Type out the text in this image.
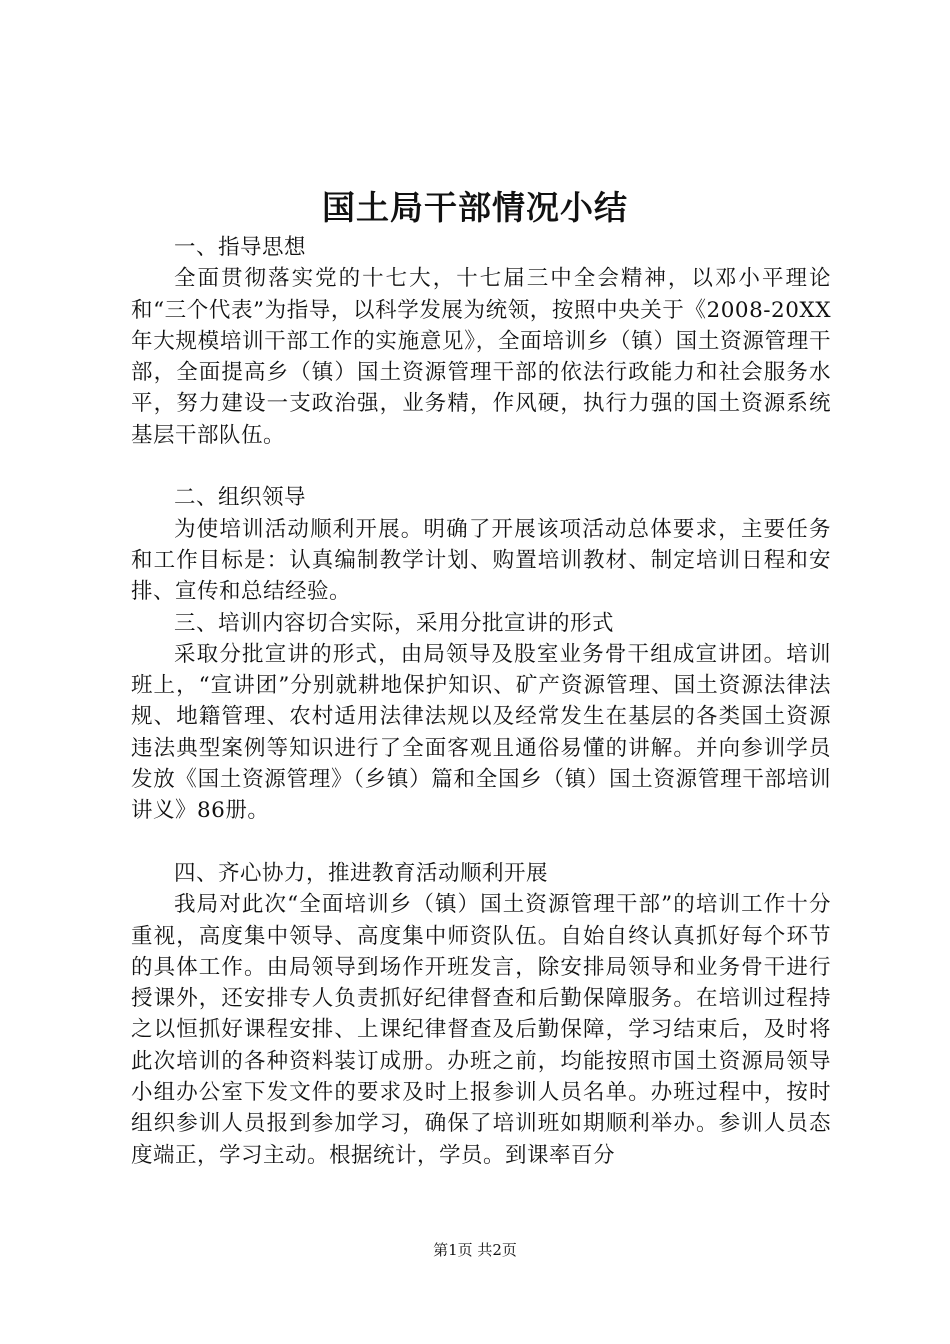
国土局干部情况小结

一、指导思想

全面贯彻落实党的十七大，十七届三中全会精神，以邓小平理论和“三个代表”为指导，以科学发展为统领，按照中央关于《2008-20XX年大规模培训干部工作的实施意见》，全面培训乡（镇）国土资源管理干部，全面提高乡（镇）国土资源管理干部的依法行政能力和社会服务水平，努力建设一支政治强，业务精，作风硬，执行力强的国土资源系统基层干部队伍。

二、组织领导

为使培训活动顺利开展。明确了开展该项活动总体要求，主要任务和工作目标是：认真编制教学计划、购置培训教材、制定培训日程和安排、宣传和总结经验。

三、培训内容切合实际，采用分批宣讲的形式

采取分批宣讲的形式，由局领导及股室业务骨干组成宣讲团。培训班上，“宣讲团”分别就耕地保护知识、矿产资源管理、国土资源法律法规、地籍管理、农村适用法律法规以及经常发生在基层的各类国土资源违法典型案例等知识进行了全面客观且通俗易懂的讲解。并向参训学员发放《国土资源管理》（乡镇）篇和全国乡（镇）国土资源管理干部培训讲义》86册。

四、齐心协力，推进教育活动顺利开展

我局对此次“全面培训乡（镇）国土资源管理干部”的培训工作十分重视，高度集中领导、高度集中师资队伍。自始自终认真抓好每个环节的具体工作。由局领导到场作开班发言，除安排局领导和业务骨干进行授课外，还安排专人负责抓好纪律督查和后勤保障服务。在培训过程持之以恒抓好课程安排、上课纪律督查及后勤保障，学习结束后，及时将此次培训的各种资料装订成册。办班之前，均能按照市国土资源局领导小组办公室下发文件的要求及时上报参训人员名单。办班过程中，按时组织参训人员报到参加学习，确保了培训班如期顺利举办。参训人员态度端正，学习主动。根据统计，学员。到课率百分

第1页 共2页
